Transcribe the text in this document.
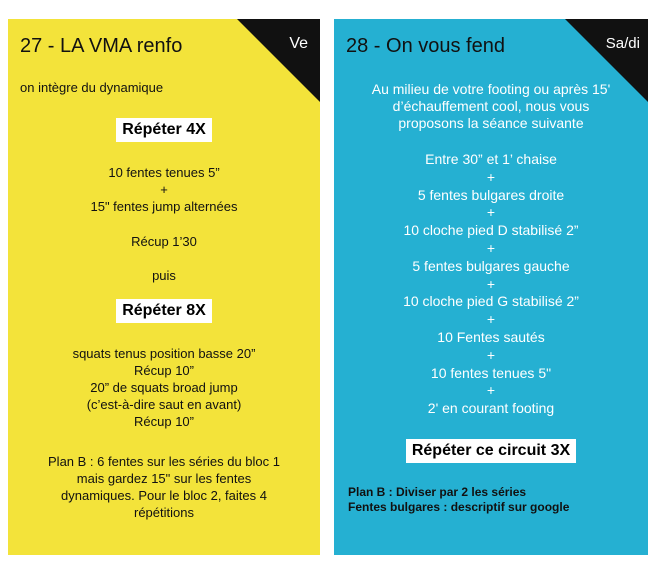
Ve
27 - LA VMA renfo
on intègre du dynamique
Répéter 4X
10 fentes tenues 5”
+
15" fentes jump alternées
Récup 1’30
puis
Répéter 8X
squats tenus position basse 20”
Récup 10”
20” de squats broad jump
(c’est-à-dire saut en avant)
Récup 10”
Plan B : 6 fentes sur les séries du bloc 1
mais gardez 15" sur les fentes
dynamiques. Pour le bloc 2, faites 4
répétitions
Sa/di
28 - On vous fend
Au milieu de votre footing ou après 15'
d’échauffement cool, nous vous
proposons la séance suivante
Entre 30” et 1’ chaise
+
5 fentes bulgares droite
+
10 cloche pied D stabilisé 2”
+
5 fentes bulgares gauche
+
10 cloche pied G stabilisé 2”
+
10 Fentes sautés
+
10 fentes tenues 5"
+
2' en courant footing
Répéter ce circuit 3X
Plan B : Diviser par 2 les séries
Fentes bulgares : descriptif sur google
